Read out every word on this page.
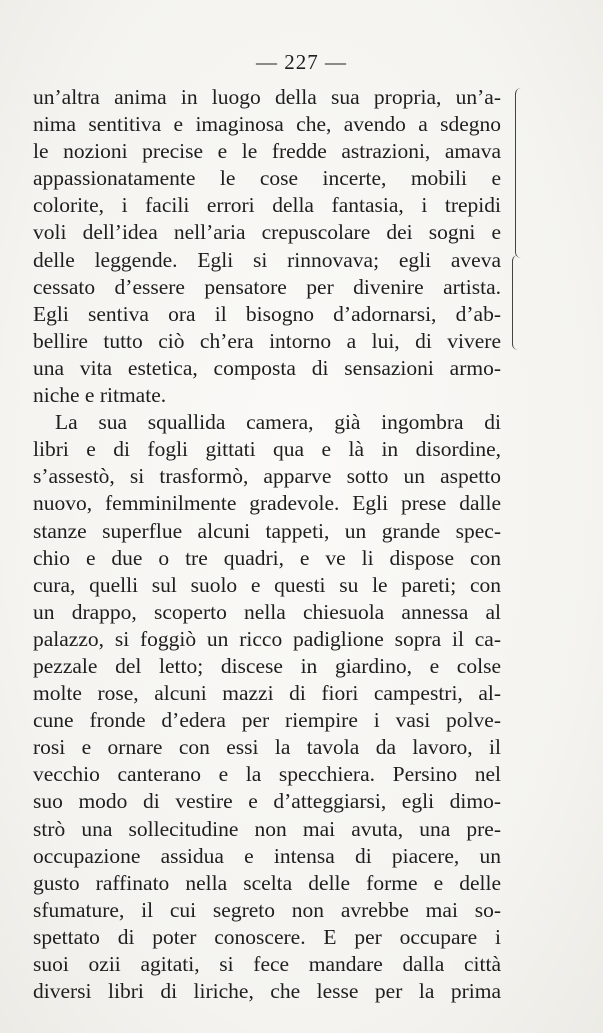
— 227 —
un’altra anima in luogo della sua propria, un’a-
nima sentitiva e imaginosa che, avendo a sdegno
le nozioni precise e le fredde astrazioni, amava
appassionatamente le cose incerte, mobili e
colorite, i facili errori della fantasia, i trepidi
voli dell’idea nell’aria crepuscolare dei sogni e
delle leggende. Egli si rinnovava; egli aveva
cessato d’essere pensatore per divenire artista.
Egli sentiva ora il bisogno d’adornarsi, d’ab-
bellire tutto ciò ch’era intorno a lui, di vivere
una vita estetica, composta di sensazioni armo-
niche e ritmate.
La sua squallida camera, già ingombra di
libri e di fogli gittati qua e là in disordine,
s’assestò, si trasformò, apparve sotto un aspetto
nuovo, femminilmente gradevole. Egli prese dalle
stanze superflue alcuni tappeti, un grande spec-
chio e due o tre quadri, e ve li dispose con
cura, quelli sul suolo e questi su le pareti; con
un drappo, scoperto nella chiesuola annessa al
palazzo, si foggiò un ricco padiglione sopra il ca-
pezzale del letto; discese in giardino, e colse
molte rose, alcuni mazzi di fiori campestri, al-
cune fronde d’edera per riempire i vasi polve-
rosi e ornare con essi la tavola da lavoro, il
vecchio canterano e la specchiera. Persino nel
suo modo di vestire e d’atteggiarsi, egli dimo-
strò una sollecitudine non mai avuta, una pre-
occupazione assidua e intensa di piacere, un
gusto raffinato nella scelta delle forme e delle
sfumature, il cui segreto non avrebbe mai so-
spettato di poter conoscere. E per occupare i
suoi ozii agitati, si fece mandare dalla città
diversi libri di liriche, che lesse per la prima
